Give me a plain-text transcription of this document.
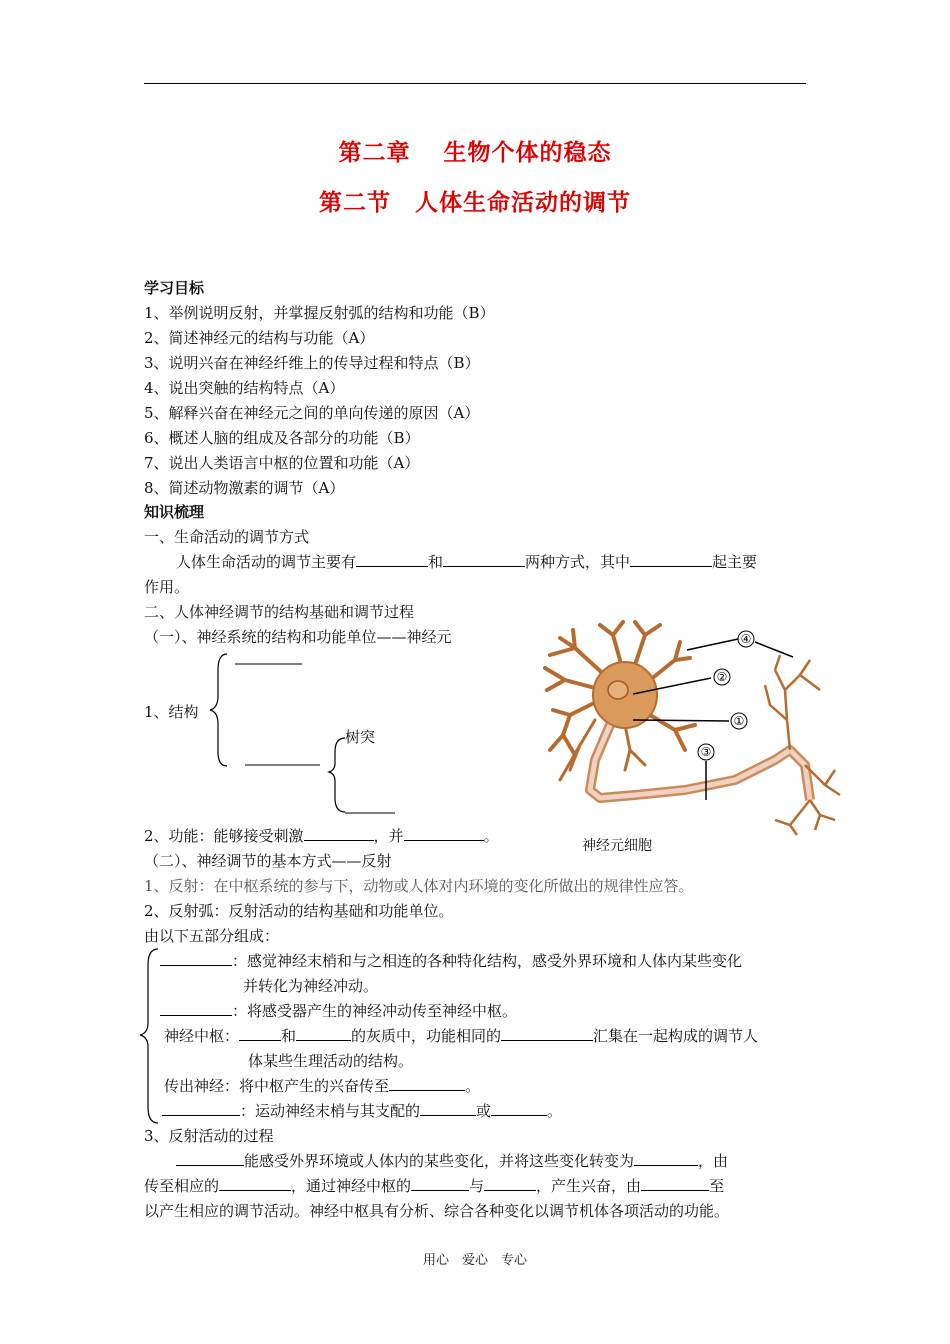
第二章　 生物个体的稳态
第二节　人体生命活动的调节
学习目标
1、举例说明反射，并掌握反射弧的结构和功能（B）
2、简述神经元的结构与功能（A）
3、说明兴奋在神经纤维上的传导过程和特点（B）
4、说出突触的结构特点（A）
5、解释兴奋在神经元之间的单向传递的原因（A）
6、概述人脑的组成及各部分的功能（B）
7、说出人类语言中枢的位置和功能（A）
8、简述动物激素的调节（A）
知识梳理
一、生命活动的调节方式
人体生命活动的调节主要有	和	两种方式，其中	起主要
作用。
二、人体神经调节的结构基础和调节过程
（一）、神经系统的结构和功能单位——神经元
1、结构
树突
2、功能：能够接受刺激	，并	。
④
②
①
③
神经元细胞
（二）、神经调节的基本方式——反射
1、反射：在中枢系统的参与下，动物或人体对内环境的变化所做出的规律性应答。
2、反射弧：反射活动的结构基础和功能单位。
由以下五部分组成：
：感觉神经末梢和与之相连的各种特化结构，感受外界环境和人体内某些变化
并转化为神经冲动。
：将感受器产生的神经冲动传至神经中枢。
神经中枢：	和	的灰质中，功能相同的	汇集在一起构成的调节人
体某些生理活动的结构。
传出神经：将中枢产生的兴奋传至	。
：运动神经末梢与其支配的	或	。
3、反射活动的过程
能感受外界环境或人体内的某些变化，并将这些变化转变为	，由
传至相应的	，通过神经中枢的	与	，产生兴奋，由	至
以产生相应的调节活动。神经中枢具有分析、综合各种变化以调节机体各项活动的功能。
用心　爱心　专心
